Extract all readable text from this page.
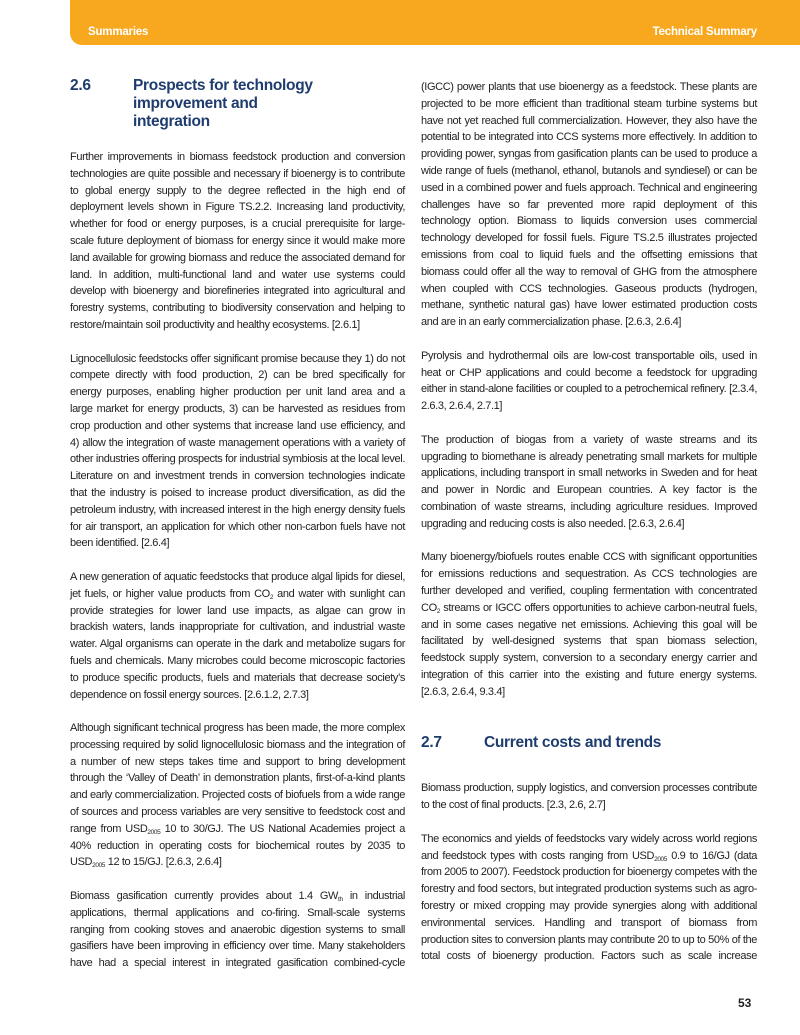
Summaries	Technical Summary
2.6	Prospects for technology improvement and integration

Further improvements in biomass feedstock production and conversion technologies are quite possible and necessary if bioenergy is to contribute to global energy supply to the degree reflected in the high end of deployment levels shown in Figure TS.2.2. Increasing land productivity, whether for food or energy purposes, is a crucial prerequisite for large-scale future deployment of biomass for energy since it would make more land available for growing biomass and reduce the associated demand for land. In addition, multi-functional land and water use systems could develop with bioenergy and biorefineries integrated into agricultural and forestry systems, contributing to biodiversity conservation and helping to restore/maintain soil productivity and healthy ecosystems. [2.6.1]

Lignocellulosic feedstocks offer significant promise because they 1) do not compete directly with food production, 2) can be bred specifically for energy purposes, enabling higher production per unit land area and a large market for energy products, 3) can be harvested as residues from crop production and other systems that increase land use efficiency, and 4) allow the integration of waste management operations with a variety of other industries offering prospects for industrial symbiosis at the local level. Literature on and investment trends in conversion technologies indicate that the industry is poised to increase product diversification, as did the petroleum industry, with increased interest in the high energy density fuels for air transport, an application for which other non-carbon fuels have not been identified. [2.6.4]

A new generation of aquatic feedstocks that produce algal lipids for diesel, jet fuels, or higher value products from $CO_2$ and water with sunlight can provide strategies for lower land use impacts, as algae can grow in brackish waters, lands inappropriate for cultivation, and industrial waste water. Algal organisms can operate in the dark and metabolize sugars for fuels and chemicals. Many microbes could become microscopic factories to produce specific products, fuels and materials that decrease society’s dependence on fossil energy sources. [2.6.1.2, 2.7.3]

Although significant technical progress has been made, the more complex processing required by solid lignocellulosic biomass and the integration of a number of new steps takes time and support to bring development through the ‘Valley of Death’ in demonstration plants, first-of-a-kind plants and early commercialization. Projected costs of biofuels from a wide range of sources and process variables are very sensitive to feedstock cost and range from $USD_{2005}$ 10 to 30/GJ. The US National Academies project a 40% reduction in operating costs for biochemical routes by 2035 to $USD_{2005}$ 12 to 15/GJ. [2.6.3, 2.6.4]

Biomass gasification currently provides about 1.4 $GW_{th}$ in industrial applications, thermal applications and co-firing. Small-scale systems ranging from cooking stoves and anaerobic digestion systems to small gasifiers have been improving in efficiency over time. Many stakeholders have had a special interest in integrated gasification combined-cycle

(IGCC) power plants that use bioenergy as a feedstock. These plants are projected to be more efficient than traditional steam turbine systems but have not yet reached full commercialization. However, they also have the potential to be integrated into CCS systems more effectively. In addition to providing power, syngas from gasification plants can be used to produce a wide range of fuels (methanol, ethanol, butanols and syndiesel) or can be used in a combined power and fuels approach. Technical and engineering challenges have so far prevented more rapid deployment of this technology option. Biomass to liquids conversion uses commercial technology developed for fossil fuels. Figure TS.2.5 illustrates projected emissions from coal to liquid fuels and the offsetting emissions that biomass could offer all the way to removal of GHG from the atmosphere when coupled with CCS technologies. Gaseous products (hydrogen, methane, synthetic natural gas) have lower estimated production costs and are in an early commercialization phase. [2.6.3, 2.6.4]

Pyrolysis and hydrothermal oils are low-cost transportable oils, used in heat or CHP applications and could become a feedstock for upgrading either in stand-alone facilities or coupled to a petrochemical refinery. [2.3.4, 2.6.3, 2.6.4, 2.7.1]

The production of biogas from a variety of waste streams and its upgrading to biomethane is already penetrating small markets for multiple applications, including transport in small networks in Sweden and for heat and power in Nordic and European countries. A key factor is the combination of waste streams, including agriculture residues. Improved upgrading and reducing costs is also needed. [2.6.3, 2.6.4]

Many bioenergy/biofuels routes enable CCS with significant opportunities for emissions reductions and sequestration. As CCS technologies are further developed and verified, coupling fermentation with concentrated $CO_2$ streams or IGCC offers opportunities to achieve carbon-neutral fuels, and in some cases negative net emissions. Achieving this goal will be facilitated by well-designed systems that span biomass selection, feedstock supply system, conversion to a secondary energy carrier and integration of this carrier into the existing and future energy systems. [2.6.3, 2.6.4, 9.3.4]

2.7	Current costs and trends

Biomass production, supply logistics, and conversion processes contribute to the cost of final products. [2.3, 2.6, 2.7]

The economics and yields of feedstocks vary widely across world regions and feedstock types with costs ranging from $USD_{2005}$ 0.9 to 16/GJ (data from 2005 to 2007). Feedstock production for bioenergy competes with the forestry and food sectors, but integrated production systems such as agro-forestry or mixed cropping may provide synergies along with additional environmental services. Handling and transport of biomass from production sites to conversion plants may contribute 20 to up to 50% of the total costs of bioenergy production. Factors such as scale increase

53
